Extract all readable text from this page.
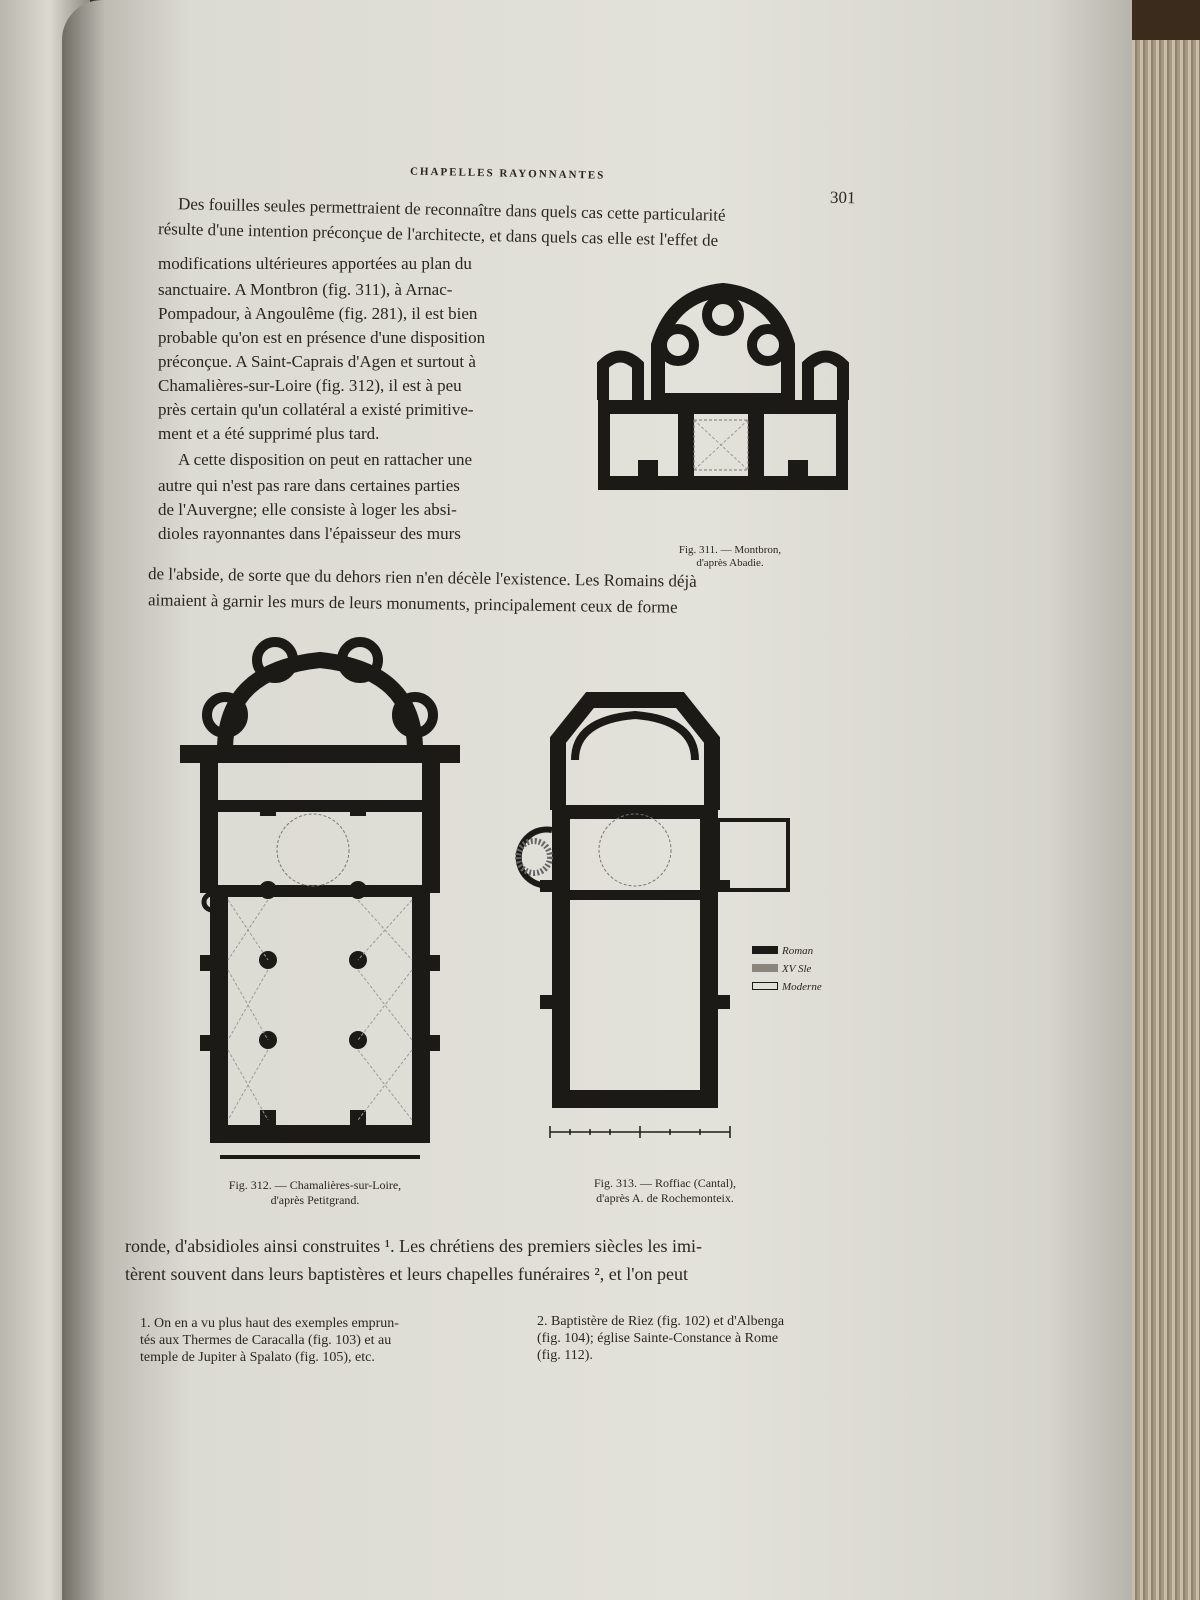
CHAPELLES RAYONNANTES
301
Des fouilles seules permettraient de reconnaître dans quels cas cette particularité
résulte d'une intention préconçue de l'architecte, et dans quels cas elle est l'effet de
modifications ultérieures apportées au plan du
sanctuaire. A Montbron (fig. 311), à Arnac-
Pompadour, à Angoulême (fig. 281), il est bien
probable qu'on est en présence d'une disposition
préconçue. A Saint-Caprais d'Agen et surtout à
Chamalières-sur-Loire (fig. 312), il est à peu
près certain qu'un collatéral a existé primitive-
ment et a été supprimé plus tard.
A cette disposition on peut en rattacher une
autre qui n'est pas rare dans certaines parties
de l'Auvergne; elle consiste à loger les absi-
dioles rayonnantes dans l'épaisseur des murs
de l'abside, de sorte que du dehors rien n'en décèle l'existence. Les Romains déjà
aimaient à garnir les murs de leurs monuments, principalement ceux de forme
Fig. 311. — Montbron,
d'après Abadie.
Fig. 312. — Chamalières-sur-Loire,
d'après Petitgrand.
Roman
XV Sle
Moderne
Fig. 313. — Roffiac (Cantal),
d'après A. de Rochemonteix.
ronde, d'absidioles ainsi construites ¹. Les chrétiens des premiers siècles les imi-
tèrent souvent dans leurs baptistères et leurs chapelles funéraires ², et l'on peut
1. On en a vu plus haut des exemples emprun-
tés aux Thermes de Caracalla (fig. 103) et au
temple de Jupiter à Spalato (fig. 105), etc.
2. Baptistère de Riez (fig. 102) et d'Albenga
(fig. 104); église Sainte-Constance à Rome
(fig. 112).
